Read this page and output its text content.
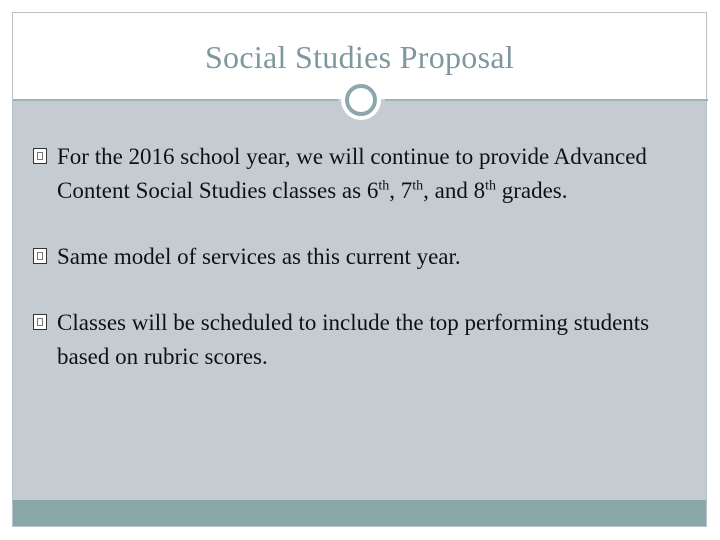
Social Studies Proposal
For the 2016 school year, we will continue to provide Advanced Content Social Studies classes as 6th, 7th, and 8th grades.
Same model of services as this current year.
Classes will be scheduled to include the top performing students based on rubric scores.
